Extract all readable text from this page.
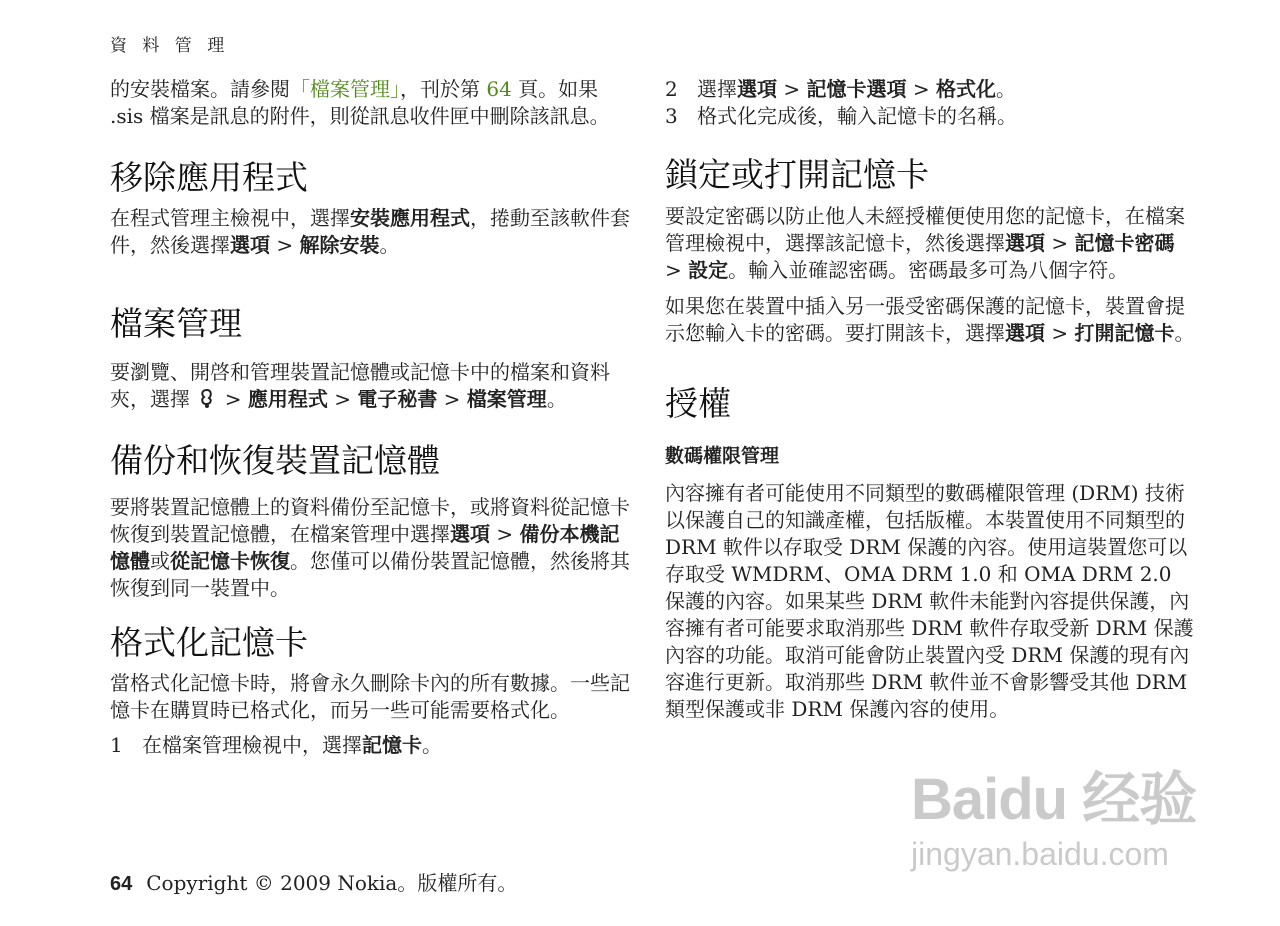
資 料 管 理

的安裝檔案。請參閱「檔案管理」，刊於第 64 頁。如果 .sis 檔案是訊息的附件，則從訊息收件匣中刪除該訊息。

移除應用程式

在程式管理主檢視中，選擇安裝應用程式，捲動至該軟件套件，然後選擇選項 > 解除安裝。

檔案管理

要瀏覽、開啓和管理裝置記憶體或記憶卡中的檔案和資料夾，選擇  > 應用程式 > 電子秘書 > 檔案管理。

備份和恢復裝置記憶體

要將裝置記憶體上的資料備份至記憶卡，或將資料從記憶卡恢復到裝置記憶體，在檔案管理中選擇選項 > 備份本機記憶體或從記憶卡恢復。您僅可以備份裝置記憶體，然後將其恢復到同一裝置中。

格式化記憶卡

當格式化記憶卡時，將會永久刪除卡內的所有數據。一些記憶卡在購買時已格式化，而另一些可能需要格式化。

1 在檔案管理檢視中，選擇記憶卡。

2 選擇選項 > 記憶卡選項 > 格式化。

3 格式化完成後，輸入記憶卡的名稱。

鎖定或打開記憶卡

要設定密碼以防止他人未經授權便使用您的記憶卡，在檔案管理檢視中，選擇該記憶卡，然後選擇選項 > 記憶卡密碼 > 設定。輸入並確認密碼。密碼最多可為八個字符。

如果您在裝置中插入另一張受密碼保護的記憶卡，裝置會提示您輸入卡的密碼。要打開該卡，選擇選項 > 打開記憶卡。

授權
數碼權限管理

內容擁有者可能使用不同類型的數碼權限管理 (DRM) 技術以保護自己的知識產權，包括版權。本裝置使用不同類型的 DRM 軟件以存取受 DRM 保護的內容。使用這裝置您可以存取受 WMDRM、OMA DRM 1.0 和 OMA DRM 2.0 保護的內容。如果某些 DRM 軟件未能對內容提供保護，內容擁有者可能要求取消那些 DRM 軟件存取受新 DRM 保護內容的功能。取消可能會防止裝置內受 DRM 保護的現有內容進行更新。取消那些 DRM 軟件並不會影響受其他 DRM 類型保護或非 DRM 保護內容的使用。

64 Copyright © 2009 Nokia。版權所有。
Baidu 经验
jingyan.baidu.com
